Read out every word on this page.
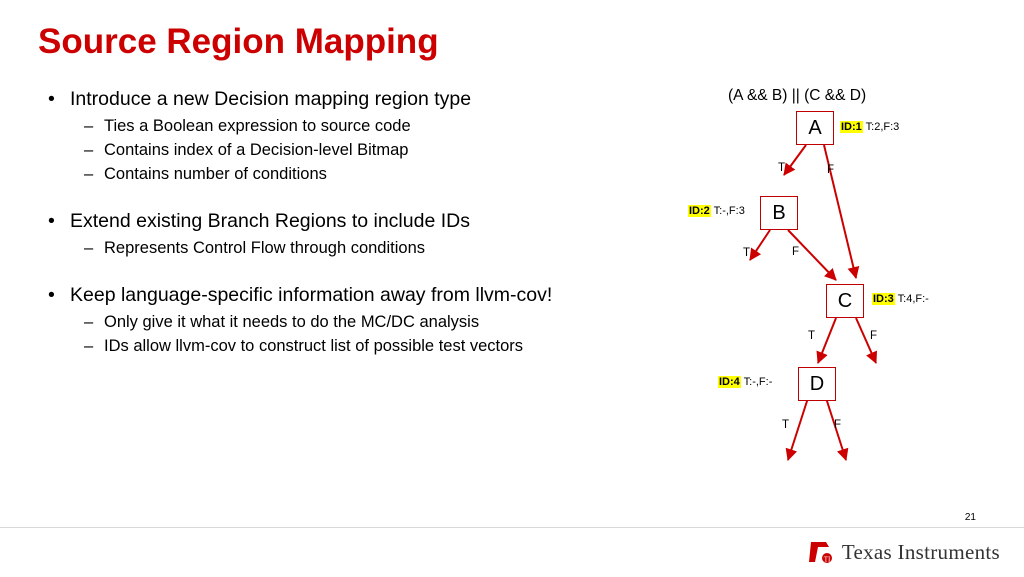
Source Region Mapping
• Introduce a new Decision mapping region type
– Ties a Boolean expression to source code
– Contains index of a Decision-level Bitmap
– Contains number of conditions
• Extend existing Branch Regions to include IDs
– Represents Control Flow through conditions
• Keep language-specific information away from llvm-cov!
– Only give it what it needs to do the MC/DC analysis
– IDs allow llvm-cov to construct list of possible test vectors
(A && B) || (C && D)
A	ID:1 T:2,F:3
T	F
B
ID:2 T:-,F:3
T	F
C	ID:3 T:4,F:-
T	F
D
ID:4 T:-,F:-
T	F
21
TI Texas Instruments
